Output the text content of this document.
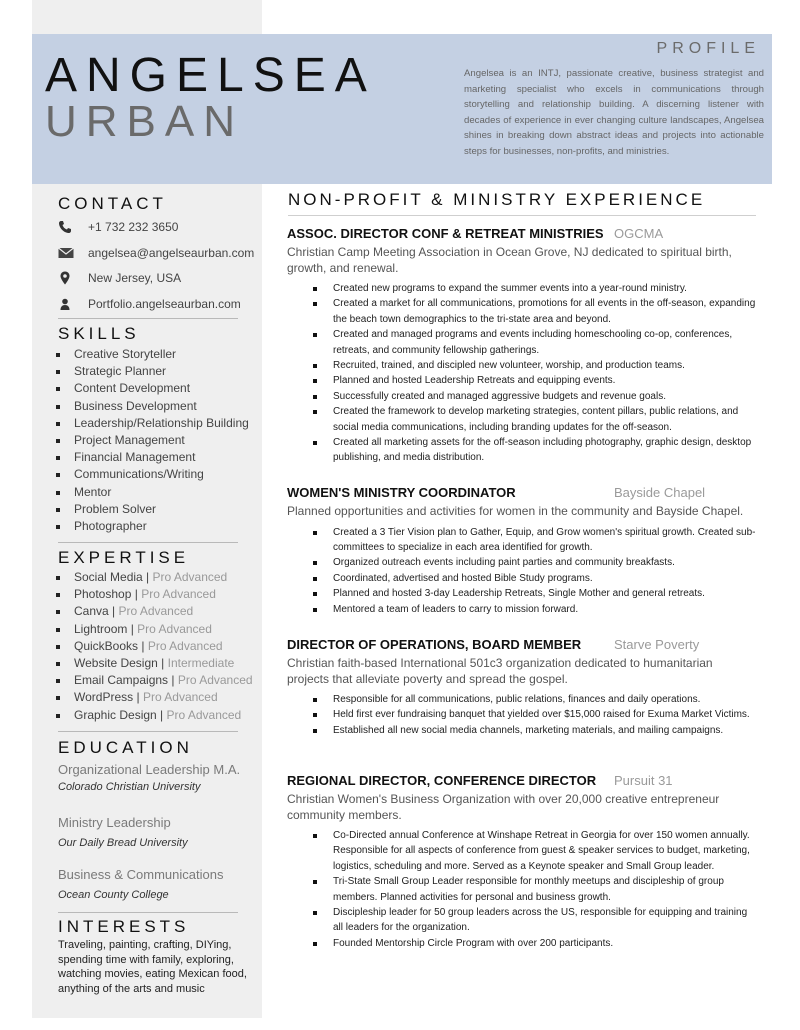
ANGELSEA
URBAN
PROFILE
Angelsea is an INTJ, passionate creative, business strategist and marketing specialist who excels in communications through storytelling and relationship building. A discerning listener with decades of experience in ever changing culture landscapes, Angelsea shines in breaking down abstract ideas and projects into actionable steps for businesses, non-profits, and ministries.
CONTACT
+1 732 232 3650
angelsea@angelseaurban.com
New Jersey, USA
Portfolio.angelseaurban.com
SKILLS
Creative Storyteller
Strategic Planner
Content Development
Business Development
Leadership/Relationship Building
Project Management
Financial Management
Communications/Writing
Mentor
Problem Solver
Photographer
EXPERTISE
Social Media | Pro Advanced
Photoshop | Pro Advanced
Canva | Pro Advanced
Lightroom | Pro Advanced
QuickBooks | Pro Advanced
Website Design | Intermediate
Email Campaigns | Pro Advanced
WordPress | Pro Advanced
Graphic Design | Pro Advanced
EDUCATION
Organizational Leadership M.A.
Colorado Christian University
Ministry Leadership
Our Daily Bread University
Business & Communications
Ocean County College
INTERESTS
Traveling, painting, crafting, DIYing, spending time with family, exploring, watching movies, eating Mexican food, anything of the arts and music
NON-PROFIT & MINISTRY EXPERIENCE
ASSOC. DIRECTOR CONF & RETREAT MINISTRIES OGCMA
Christian Camp Meeting Association in Ocean Grove, NJ dedicated to spiritual birth, growth, and renewal.
Created new programs to expand the summer events into a year-round ministry.
Created a market for all communications, promotions for all events in the off-season, expanding the beach town demographics to the tri-state area and beyond.
Created and managed programs and events including homeschooling co-op, conferences, retreats, and community fellowship gatherings.
Recruited, trained, and discipled new volunteer, worship, and production teams.
Planned and hosted Leadership Retreats and equipping events.
Successfully created and managed aggressive budgets and revenue goals.
Created the framework to develop marketing strategies, content pillars, public relations, and social media communications, including branding updates for the off-season.
Created all marketing assets for the off-season including photography, graphic design, desktop publishing, and media distribution.
WOMEN'S MINISTRY COORDINATOR	Bayside Chapel
Planned opportunities and activities for women in the community and Bayside Chapel.
Created a 3 Tier Vision plan to Gather, Equip, and Grow women's spiritual growth. Created sub-committees to specialize in each area identified for growth.
Organized outreach events including paint parties and community breakfasts.
Coordinated, advertised and hosted Bible Study programs.
Planned and hosted 3-day Leadership Retreats, Single Mother and general retreats.
Mentored a team of leaders to carry to mission forward.
DIRECTOR OF OPERATIONS, BOARD MEMBER	Starve Poverty
Christian faith-based International 501c3 organization dedicated to humanitarian projects that alleviate poverty and spread the gospel.
Responsible for all communications, public relations, finances and daily operations.
Held first ever fundraising banquet that yielded over $15,000 raised for Exuma Market Victims.
Established all new social media channels, marketing materials, and mailing campaigns.
REGIONAL DIRECTOR, CONFERENCE DIRECTOR Pursuit 31
Christian Women's Business Organization with over 20,000 creative entrepreneur community members.
Co-Directed annual Conference at Winshape Retreat in Georgia for over 150 women annually. Responsible for all aspects of conference from guest & speaker services to budget, marketing, logistics, scheduling and more. Served as a Keynote speaker and Small Group leader.
Tri-State Small Group Leader responsible for monthly meetups and discipleship of group members. Planned activities for personal and business growth.
Discipleship leader for 50 group leaders across the US, responsible for equipping and training all leaders for the organization.
Founded Mentorship Circle Program with over 200 participants.
